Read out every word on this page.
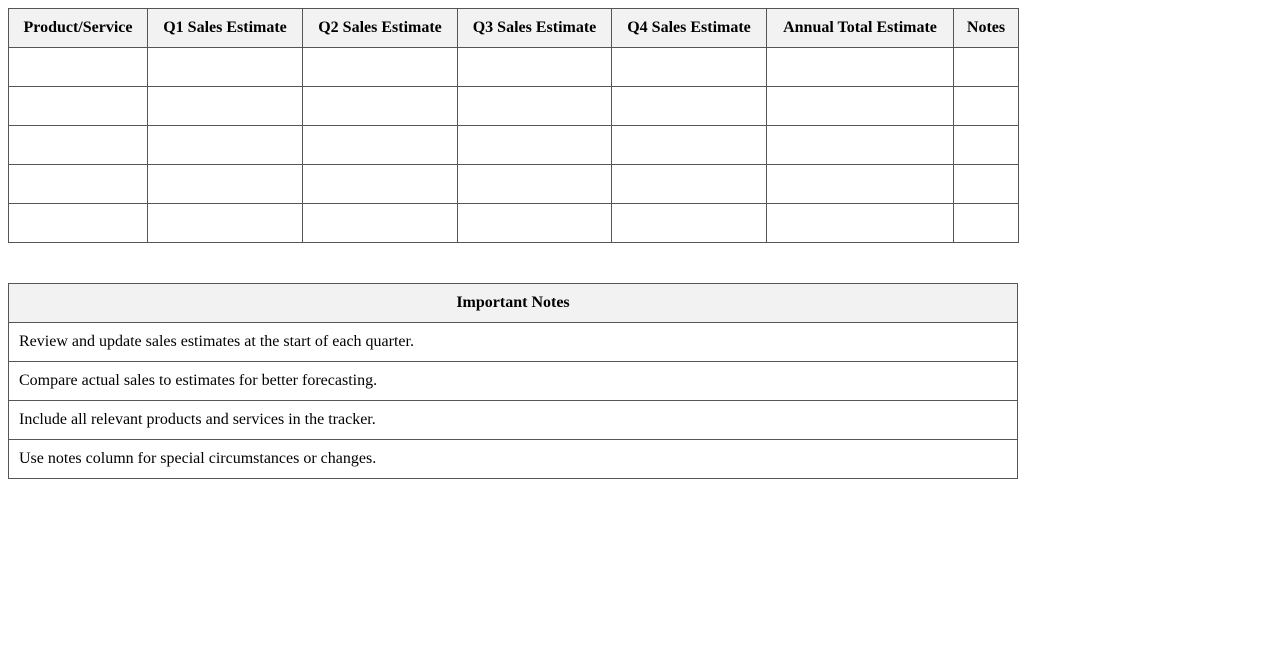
Product/Service	Q1 Sales Estimate	Q2 Sales Estimate	Q3 Sales Estimate	Q4 Sales Estimate	Annual Total Estimate	Notes

Important Notes
Review and update sales estimates at the start of each quarter.
Compare actual sales to estimates for better forecasting.
Include all relevant products and services in the tracker.
Use notes column for special circumstances or changes.
